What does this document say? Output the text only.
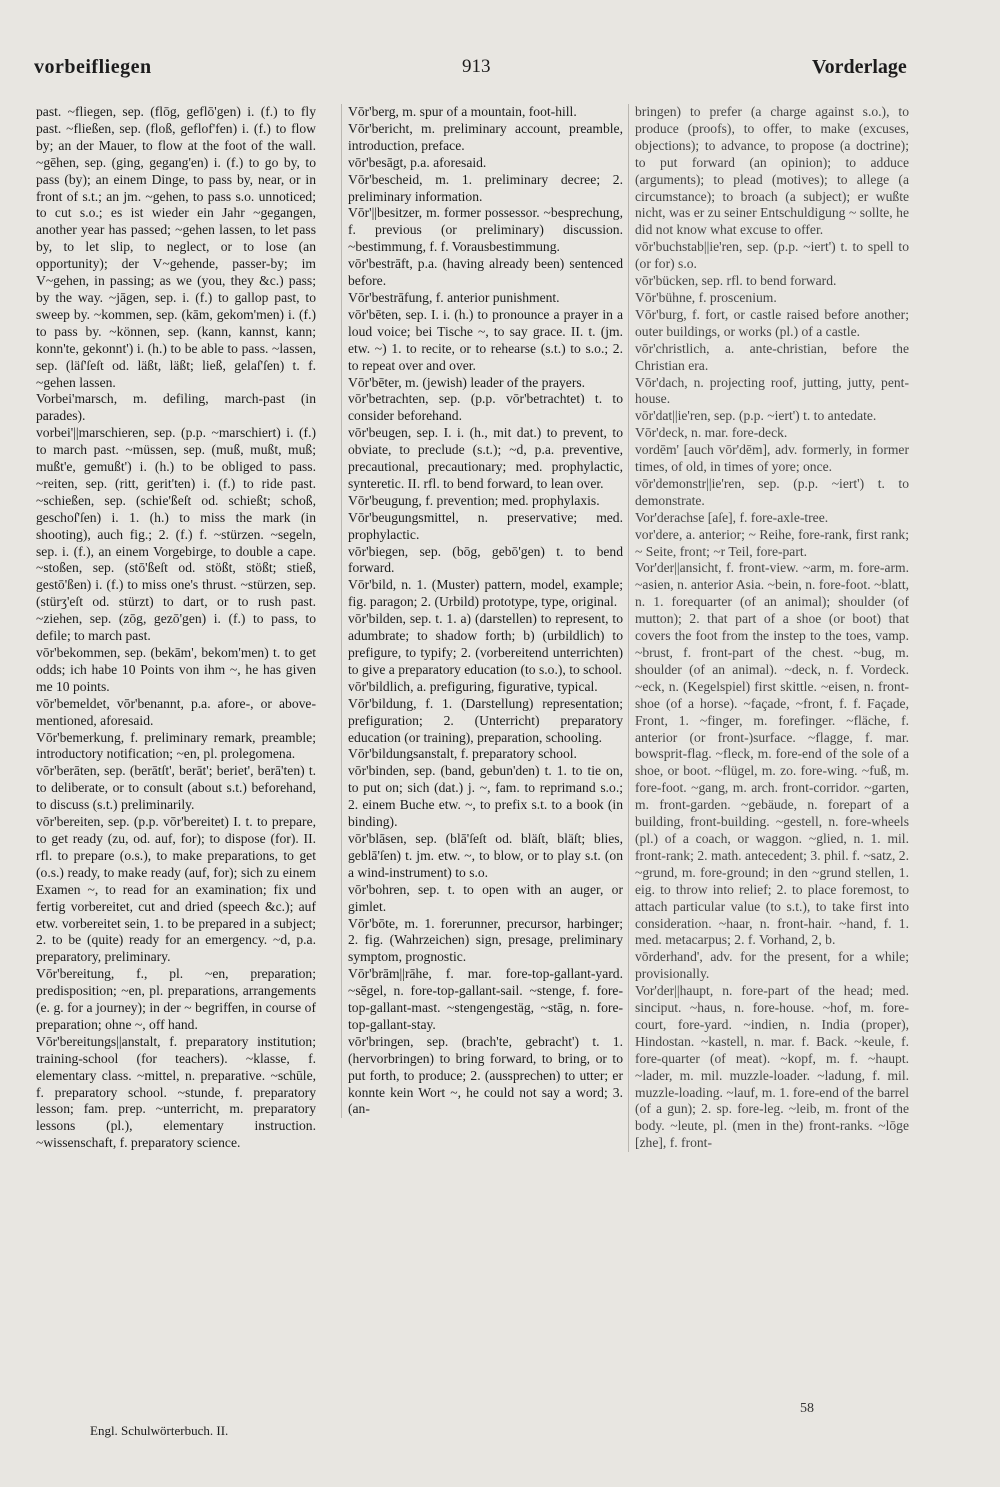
vorbeifliegen	913	Vorderlage

past. ~fliegen, sep. (flōg, geflō'gen) i. (f.) to fly past. ~fließen, sep. (floß, geflof'fen) i. (f.) to flow by; an der Mauer, to flow at the foot of the wall. ~gēhen, sep. (ging, gegang'en) i. (f.) to go by, to pass (by); an einem Dinge, to pass by, near, or in front of s.t.; an jm. ~gehen, to pass s.o. unnoticed; to cut s.o.; es ist wieder ein Jahr ~gegangen, another year has passed; ~gehen lassen, to let pass by, to let slip, to neglect, or to lose (an opportunity); der V~gehende, passer-by; im V~gehen, in passing; as we (you, they &c.) pass; by the way. ~jāgen, sep. i. (f.) to gallop past, to sweep by. ~kommen, sep. (kām, gekom'men) i. (f.) to pass by. ~können, sep. (kann, kannst, kann; konn'te, gekonnt') i. (h.) to be able to pass. ~lassen, sep. (läſ'ſeſt od. läßt, läßt; ließ, gelaſ'ſen) t. f. ~gehen lassen.

Vorbei'marsch, m. defiling, march-past (in parades).

vorbei'||marschieren, sep. (p.p. ~marschiert) i. (f.) to march past. ~müssen, sep. (muß, mußt, muß; mußt'e, gemußt') i. (h.) to be obliged to pass. ~reiten, sep. (ritt, gerit'ten) i. (f.) to ride past. ~schießen, sep. (schie'ßeſt od. schießt; schoß, geschoſ'ſen) i. 1. (h.) to miss the mark (in shooting), auch fig.; 2. (f.) f. ~stürzen. ~segeln, sep. i. (f.), an einem Vorgebirge, to double a cape. ~stoßen, sep. (stō'ßeſt od. stößt, stößt; stieß, gestō'ßen) i. (f.) to miss one's thrust. ~stürzen, sep. (stürʒ'eſt od. stürzt) to dart, or to rush past. ~ziehen, sep. (zōg, gezō'gen) i. (f.) to pass, to defile; to march past.

vōr'bekommen, sep. (bekām', bekom'men) t. to get odds; ich habe 10 Points von ihm ~, he has given me 10 points.

vōr'bemeldet, vōr'benannt, p.a. afore-, or above-mentioned, aforesaid.

Vōr'bemerkung, f. preliminary remark, preamble; introductory notification; ~en, pl. prolegomena.

vōr'berāten, sep. (berātſt', berāt'; beriet', berā'ten) t. to deliberate, or to consult (about s.t.) beforehand, to discuss (s.t.) preliminarily.

vōr'bereiten, sep. (p.p. vōr'bereitet) I. t. to prepare, to get ready (zu, od. auf, for); to dispose (for). II. rfl. to prepare (o.s.), to make preparations, to get (o.s.) ready, to make ready (auf, for); sich zu einem Examen ~, to read for an examination; fix und fertig vorbereitet, cut and dried (speech &c.); auf etw. vorbereitet sein, 1. to be prepared in a subject; 2. to be (quite) ready for an emergency. ~d, p.a. preparatory, preliminary.

Vōr'bereitung, f., pl. ~en, preparation; predisposition; ~en, pl. preparations, arrangements (e. g. for a journey); in der ~ begriffen, in course of preparation; ohne ~, off hand.

Vōr'bereitungs||anstalt, f. preparatory institution; training-school (for teachers). ~klasse, f. elementary class. ~mittel, n. preparative. ~schūle, f. preparatory school. ~stunde, f. preparatory lesson; fam. prep. ~unterricht, m. preparatory lessons (pl.), elementary instruction. ~wissenschaft, f. preparatory science.

Vōr'berg, m. spur of a mountain, foot-hill.

Vōr'bericht, m. preliminary account, preamble, introduction, preface.

vōr'besāgt, p.a. aforesaid.

Vōr'bescheid, m. 1. preliminary decree; 2. preliminary information.

Vōr'||besitzer, m. former possessor. ~besprechung, f. previous (or preliminary) discussion. ~bestimmung, f. f. Vorausbestimmung.

vōr'bestrāft, p.a. (having already been) sentenced before.

Vōr'bestrāfung, f. anterior punishment.

vōr'bēten, sep. I. i. (h.) to pronounce a prayer in a loud voice; bei Tische ~, to say grace. II. t. (jm. etw. ~) 1. to recite, or to rehearse (s.t.) to s.o.; 2. to repeat over and over.

Vōr'bēter, m. (jewish) leader of the prayers.

vōr'betrachten, sep. (p.p. vōr'betrachtet) t. to consider beforehand.

vōr'beugen, sep. I. i. (h., mit dat.) to prevent, to obviate, to preclude (s.t.); ~d, p.a. preventive, precautional, precautionary; med. prophylactic, synteretic. II. rfl. to bend forward, to lean over.

Vōr'beugung, f. prevention; med. prophylaxis.

Vōr'beugungsmittel, n. preservative; med. prophylactic.

vōr'biegen, sep. (bōg, gebō'gen) t. to bend forward.

Vōr'bild, n. 1. (Muster) pattern, model, example; fig. paragon; 2. (Urbild) prototype, type, original.

vōr'bilden, sep. t. 1. a) (darstellen) to represent, to adumbrate; to shadow forth; b) (urbildlich) to prefigure, to typify; 2. (vorbereitend unterrichten) to give a preparatory education (to s.o.), to school.

vōr'bildlich, a. prefiguring, figurative, typical.

Vōr'bildung, f. 1. (Darstellung) representation; prefiguration; 2. (Unterricht) preparatory education (or training), preparation, schooling.

Vōr'bildungsanstalt, f. preparatory school.

vōr'binden, sep. (band, gebun'den) t. 1. to tie on, to put on; sich (dat.) j. ~, fam. to reprimand s.o.; 2. einem Buche etw. ~, to prefix s.t. to a book (in binding).

vōr'blāsen, sep. (blā'ſeſt od. bläſt, bläſt; blies, geblā'ſen) t. jm. etw. ~, to blow, or to play s.t. (on a wind-instrument) to s.o.

vōr'bohren, sep. t. to open with an auger, or gimlet.

Vōr'bōte, m. 1. forerunner, precursor, harbinger; 2. fig. (Wahrzeichen) sign, presage, preliminary symptom, prognostic.

Vōr'brām||rāhe, f. mar. fore-top-gallant-yard. ~sēgel, n. fore-top-gallant-sail. ~stenge, f. fore-top-gallant-mast. ~stengengestäg, ~stāg, n. fore-top-gallant-stay.

vōr'bringen, sep. (brach'te, gebracht') t. 1. (hervorbringen) to bring forward, to bring, or to put forth, to produce; 2. (aussprechen) to utter; er konnte kein Wort ~, he could not say a word; 3. (an-

bringen) to prefer (a charge against s.o.), to produce (proofs), to offer, to make (excuses, objections); to advance, to propose (a doctrine); to put forward (an opinion); to adduce (arguments); to plead (motives); to allege (a circumstance); to broach (a subject); er wußte nicht, was er zu seiner Entschuldigung ~ sollte, he did not know what excuse to offer.

vōr'buchstab||ie'ren, sep. (p.p. ~iert') t. to spell to (or for) s.o.

vōr'bücken, sep. rfl. to bend forward.

Vōr'bühne, f. proscenium.

Vōr'burg, f. fort, or castle raised before another; outer buildings, or works (pl.) of a castle.

vōr'christlich, a. ante-christian, before the Christian era.

Vōr'dach, n. projecting roof, jutting, jutty, pent-house.

vōr'dat||ie'ren, sep. (p.p. ~iert') t. to antedate.

Vōr'deck, n. mar. fore-deck.

vordēm' [auch vōr'dēm], adv. formerly, in former times, of old, in times of yore; once.

vōr'demonstr||ie'ren, sep. (p.p. ~iert') t. to demonstrate.

Vor'derachse [aſe], f. fore-axle-tree.

vor'dere, a. anterior; ~ Reihe, fore-rank, first rank; ~ Seite, front; ~r Teil, fore-part.

Vor'der||ansicht, f. front-view. ~arm, m. fore-arm. ~asien, n. anterior Asia. ~bein, n. fore-foot. ~blatt, n. 1. forequarter (of an animal); shoulder (of mutton); 2. that part of a shoe (or boot) that covers the foot from the instep to the toes, vamp. ~brust, f. front-part of the chest. ~bug, m. shoulder (of an animal). ~deck, n. f. Vordeck. ~eck, n. (Kegelspiel) first skittle. ~eisen, n. front-shoe (of a horse). ~façade, ~front, f. f. Façade, Front, 1. ~finger, m. forefinger. ~fläche, f. anterior (or front-)surface. ~flagge, f. mar. bowsprit-flag. ~fleck, m. fore-end of the sole of a shoe, or boot. ~flügel, m. zo. fore-wing. ~fuß, m. fore-foot. ~gang, m. arch. front-corridor. ~garten, m. front-garden. ~gebäude, n. forepart of a building, front-building. ~gestell, n. fore-wheels (pl.) of a coach, or waggon. ~glied, n. 1. mil. front-rank; 2. math. antecedent; 3. phil. f. ~satz, 2. ~grund, m. fore-ground; in den ~grund stellen, 1. eig. to throw into relief; 2. to place foremost, to attach particular value (to s.t.), to take first into consideration. ~haar, n. front-hair. ~hand, f. 1. med. metacarpus; 2. f. Vorhand, 2, b.

vōrderhand', adv. for the present, for a while; provisionally.

Vor'der||haupt, n. fore-part of the head; med. sinciput. ~haus, n. fore-house. ~hof, m. fore-court, fore-yard. ~indien, n. India (proper), Hindostan. ~kastell, n. mar. f. Back. ~keule, f. fore-quarter (of meat). ~kopf, m. f. ~haupt. ~lader, m. mil. muzzle-loader. ~ladung, f. mil. muzzle-loading. ~lauf, m. 1. fore-end of the barrel (of a gun); 2. sp. fore-leg. ~leib, m. front of the body. ~leute, pl. (men in the) front-ranks. ~lōge [zhe], f. front-

Engl. Schulwörterbuch. II.
58
